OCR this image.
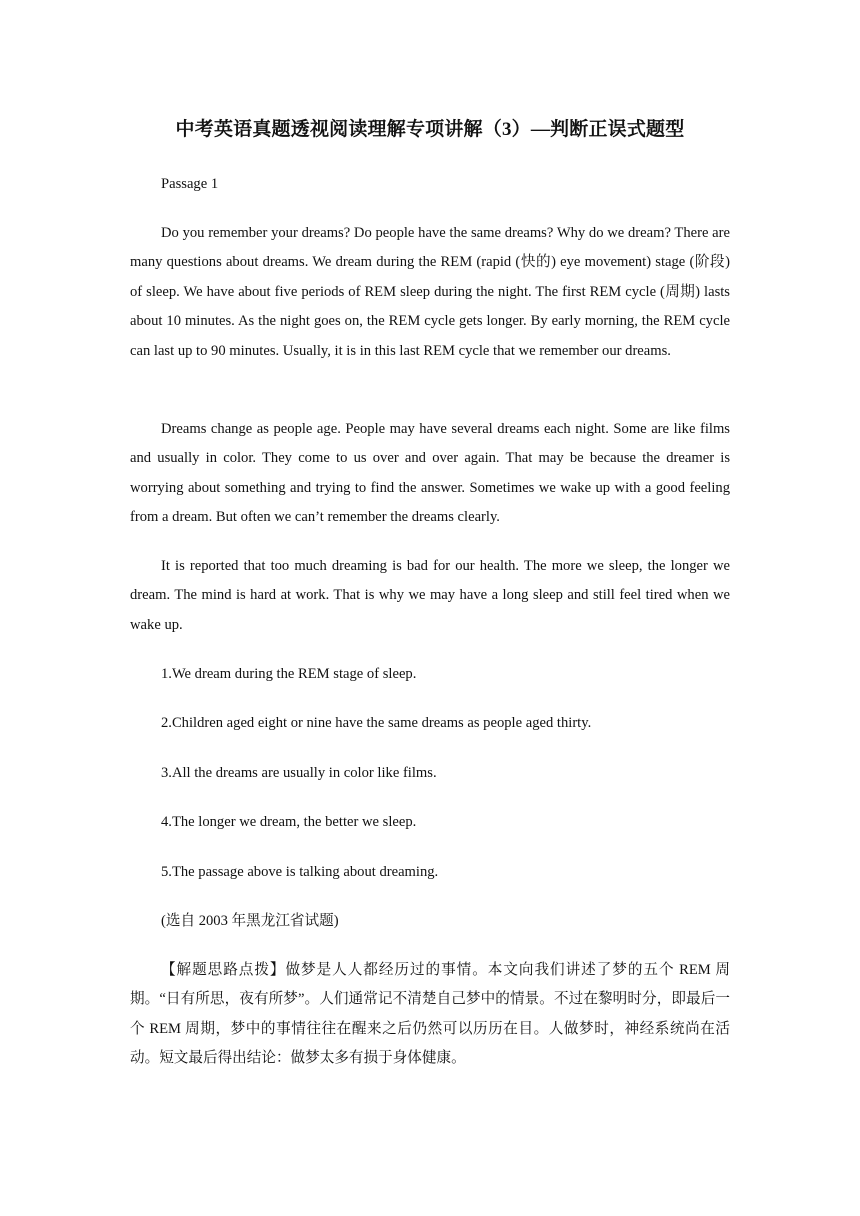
中考英语真题透视阅读理解专项讲解（3）—判断正误式题型

Passage 1

Do you remember your dreams? Do people have the same dreams? Why do we dream? There are many questions about dreams. We dream during the REM (rapid (快的) eye movement) stage (阶段) of sleep. We have about five periods of REM sleep during the night. The first REM cycle (周期) lasts about 10 minutes. As the night goes on, the REM cycle gets longer. By early morning, the REM cycle can last up to 90 minutes. Usually, it is in this last REM cycle that we remember our dreams.

Dreams change as people age. People may have several dreams each night. Some are like films and usually in color. They come to us over and over again. That may be because the dreamer is worrying about something and trying to find the answer. Sometimes we wake up with a good feeling from a dream. But often we can’t remember the dreams clearly.

It is reported that too much dreaming is bad for our health. The more we sleep, the longer we dream. The mind is hard at work. That is why we may have a long sleep and still feel tired when we wake up.

1.We dream during the REM stage of sleep.

2.Children aged eight or nine have the same dreams as people aged thirty.

3.All the dreams are usually in color like films.

4.The longer we dream, the better we sleep.

5.The passage above is talking about dreaming.

(选自 2003 年黑龙江省试题)

【解题思路点拨】做梦是人人都经历过的事情。本文向我们讲述了梦的五个 REM 周期。“日有所思，夜有所梦”。人们通常记不清楚自己梦中的情景。不过在黎明时分，即最后一个 REM 周期，梦中的事情往往在醒来之后仍然可以历历在目。人做梦时，神经系统尚在活动。短文最后得出结论：做梦太多有损于身体健康。
